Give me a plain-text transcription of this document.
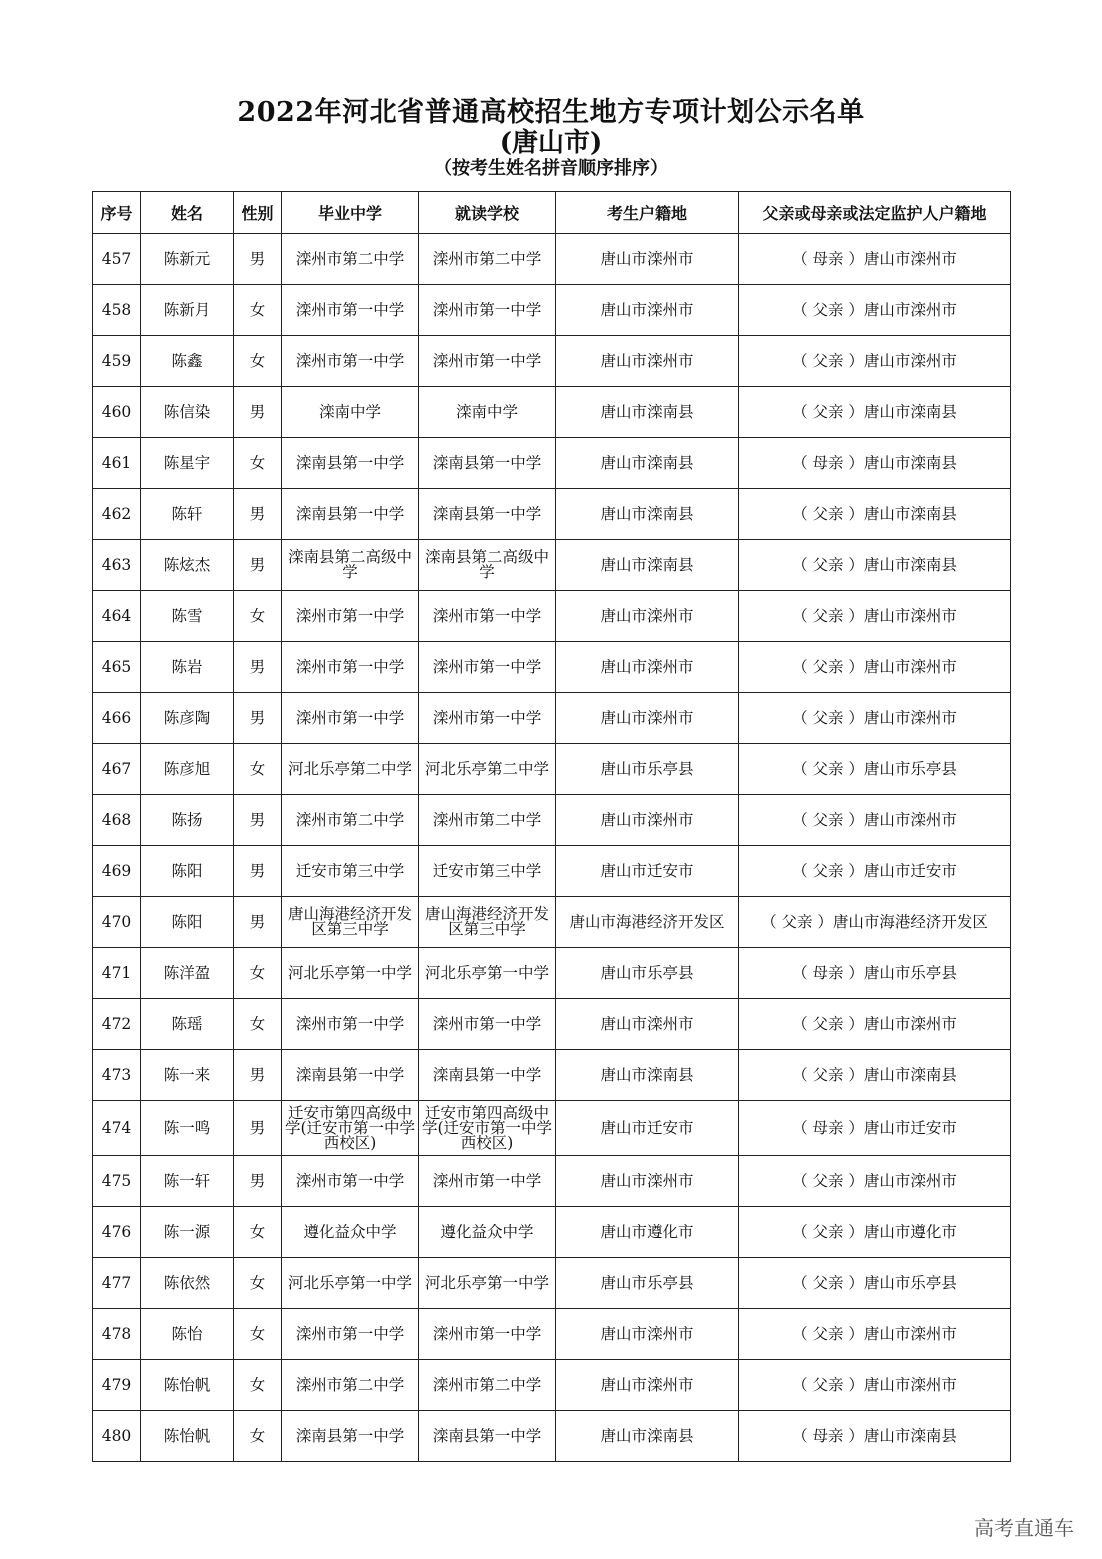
2022年河北省普通高校招生地方专项计划公示名单
(唐山市)
（按考生姓名拼音顺序排序）
序号	姓名	性别	毕业中学	就读学校	考生户籍地	父亲或母亲或法定监护人户籍地
457	陈新元	男	滦州市第二中学	滦州市第二中学	唐山市滦州市	（ 母亲 ）唐山市滦州市
458	陈新月	女	滦州市第一中学	滦州市第一中学	唐山市滦州市	（ 父亲 ）唐山市滦州市
459	陈鑫	女	滦州市第一中学	滦州市第一中学	唐山市滦州市	（ 父亲 ）唐山市滦州市
460	陈信染	男	滦南中学	滦南中学	唐山市滦南县	（ 父亲 ）唐山市滦南县
461	陈星宇	女	滦南县第一中学	滦南县第一中学	唐山市滦南县	（ 母亲 ）唐山市滦南县
462	陈轩	男	滦南县第一中学	滦南县第一中学	唐山市滦南县	（ 父亲 ）唐山市滦南县
463	陈炫杰	男	滦南县第二高级中学	滦南县第二高级中学	唐山市滦南县	（ 父亲 ）唐山市滦南县
464	陈雪	女	滦州市第一中学	滦州市第一中学	唐山市滦州市	（ 父亲 ）唐山市滦州市
465	陈岩	男	滦州市第一中学	滦州市第一中学	唐山市滦州市	（ 父亲 ）唐山市滦州市
466	陈彦陶	男	滦州市第一中学	滦州市第一中学	唐山市滦州市	（ 父亲 ）唐山市滦州市
467	陈彦旭	女	河北乐亭第二中学	河北乐亭第二中学	唐山市乐亭县	（ 父亲 ）唐山市乐亭县
468	陈扬	男	滦州市第二中学	滦州市第二中学	唐山市滦州市	（ 父亲 ）唐山市滦州市
469	陈阳	男	迁安市第三中学	迁安市第三中学	唐山市迁安市	（ 父亲 ）唐山市迁安市
470	陈阳	男	唐山海港经济开发区第三中学	唐山海港经济开发区第三中学	唐山市海港经济开发区	（ 父亲 ）唐山市海港经济开发区
471	陈洋盈	女	河北乐亭第一中学	河北乐亭第一中学	唐山市乐亭县	（ 母亲 ）唐山市乐亭县
472	陈瑶	女	滦州市第一中学	滦州市第一中学	唐山市滦州市	（ 父亲 ）唐山市滦州市
473	陈一来	男	滦南县第一中学	滦南县第一中学	唐山市滦南县	（ 父亲 ）唐山市滦南县
474	陈一鸣	男	迁安市第四高级中学(迁安市第一中学西校区)	迁安市第四高级中学(迁安市第一中学西校区)	唐山市迁安市	（ 母亲 ）唐山市迁安市
475	陈一轩	男	滦州市第一中学	滦州市第一中学	唐山市滦州市	（ 父亲 ）唐山市滦州市
476	陈一源	女	遵化益众中学	遵化益众中学	唐山市遵化市	（ 父亲 ）唐山市遵化市
477	陈依然	女	河北乐亭第一中学	河北乐亭第一中学	唐山市乐亭县	（ 父亲 ）唐山市乐亭县
478	陈怡	女	滦州市第一中学	滦州市第一中学	唐山市滦州市	（ 父亲 ）唐山市滦州市
479	陈怡帆	女	滦州市第二中学	滦州市第二中学	唐山市滦州市	（ 父亲 ）唐山市滦州市
480	陈怡帆	女	滦南县第一中学	滦南县第一中学	唐山市滦南县	（ 母亲 ）唐山市滦南县
高考直通车
